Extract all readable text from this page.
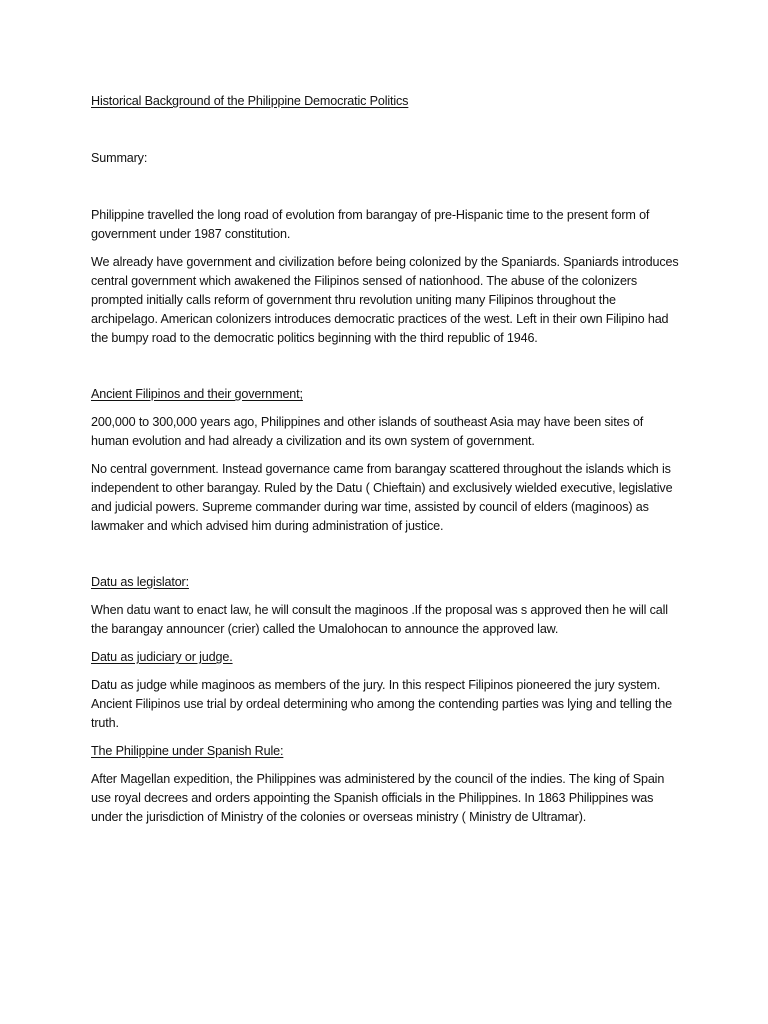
Historical Background of the Philippine Democratic Politics

Summary:

Philippine travelled the long road of evolution from barangay of pre-Hispanic time to the present form of government under 1987 constitution.

We already have government and civilization before being colonized by the Spaniards. Spaniards introduces central government which awakened the Filipinos sensed of nationhood. The abuse of the colonizers prompted initially calls reform of government thru revolution uniting many Filipinos throughout the archipelago. American colonizers introduces democratic practices of the west. Left in their own Filipino had the bumpy road to the democratic politics beginning with the third republic of 1946.

Ancient Filipinos and their government;

200,000 to 300,000 years ago, Philippines and other islands of southeast Asia may have been sites of human evolution and had already a civilization and its own system of government.

No central government. Instead governance came from barangay scattered throughout the islands which is independent to other barangay. Ruled by the Datu ( Chieftain) and exclusively wielded executive, legislative and judicial powers. Supreme commander during war time, assisted by council of elders (maginoos) as lawmaker and which advised him during administration of justice.

Datu as legislator:

When datu want to enact law, he will consult the maginoos .If the proposal was s approved then he will call the barangay announcer (crier) called the Umalohocan to announce the approved law.

Datu as judiciary or judge.

Datu as judge while maginoos as members of the jury. In this respect Filipinos pioneered the jury system. Ancient Filipinos use trial by ordeal determining who among the contending parties was lying and telling the truth.

The Philippine under Spanish Rule:

After Magellan expedition, the Philippines was administered by the council of the indies. The king of Spain use royal decrees and orders appointing the Spanish officials in the Philippines. In 1863 Philippines was under the jurisdiction of Ministry of the colonies or overseas ministry ( Ministry de Ultramar).
